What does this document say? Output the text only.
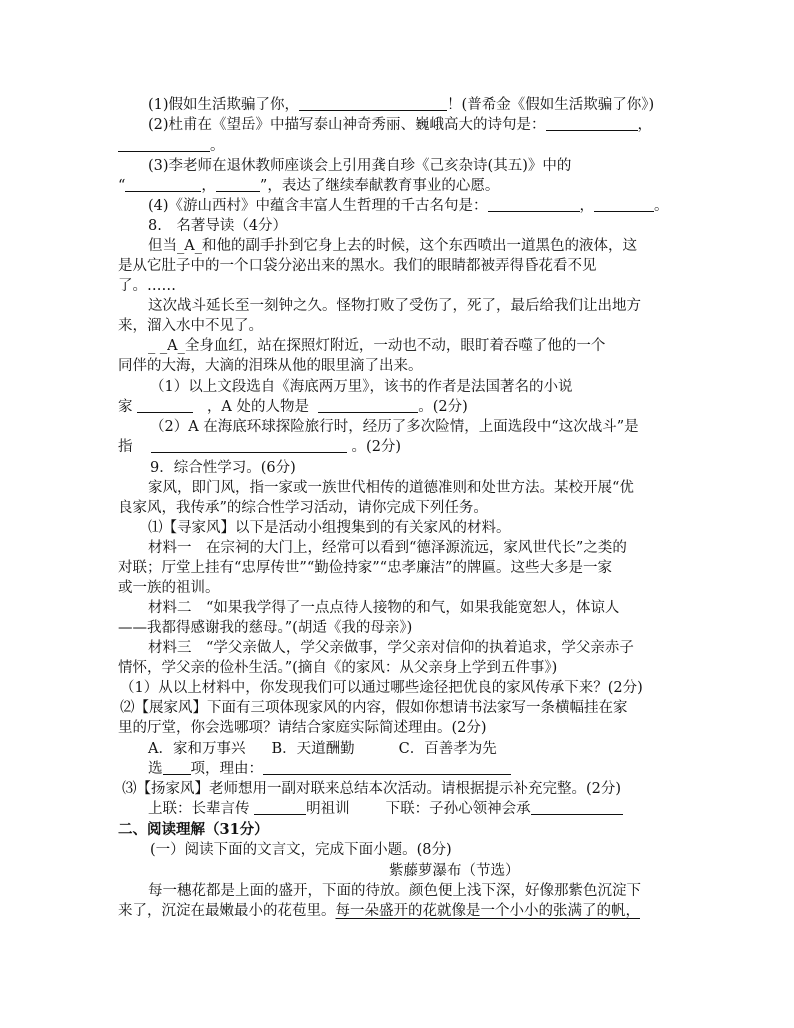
(1)假如生活欺骗了你，	！(普希金《假如生活欺骗了你》)
(2)杜甫在《望岳》中描写泰山神奇秀丽、巍峨高大的诗句是：	，
。
(3)李老师在退休教师座谈会上引用龚自珍《己亥杂诗(其五)》中的
“	，	”，表达了继续奉献教育事业的心愿。
(4)《游山西村》中蕴含丰富人生哲理的千古名句是：	，	。
8.　名著导读（4分）
但当_A_和他的副手扑到它身上去的时候，这个东西喷出一道黑色的液体，这
是从它肚子中的一个口袋分泌出来的黑水。我们的眼睛都被弄得昏花看不见
了。……
这次战斗延长至一刻钟之久。怪物打败了受伤了，死了，最后给我们让出地方
来，溜入水中不见了。
_ _A_全身血红，站在探照灯附近，一动也不动，眼盯着吞噬了他的一个
同伴的大海，大滴的泪珠从他的眼里滴了出来。
（1）以上文段选自《海底两万里》，该书的作者是法国著名的小说
家	，A 处的人物是	。(2分)
（2）A 在海底环球探险旅行时，经历了多次险情，上面选段中“这次战斗”是
指	。(2分)
9．综合性学习。(6分)
家风，即门风，指一家或一族世代相传的道德准则和处世方法。某校开展“优
良家风，我传承”的综合性学习活动，请你完成下列任务。
⑴【寻家风】以下是活动小组搜集到的有关家风的材料。
材料一　在宗祠的大门上，经常可以看到“德泽源流远，家风世代长”之类的
对联；厅堂上挂有“忠厚传世”“勤俭持家”“忠孝廉洁”的牌匾。这些大多是一家
或一族的祖训。
材料二　“如果我学得了一点点待人接物的和气，如果我能宽恕人，体谅人
——我都得感谢我的慈母。”(胡适《我的母亲》)
材料三　“学父亲做人，学父亲做事，学父亲对信仰的执着追求，学父亲赤子
情怀，学父亲的俭朴生活。”(摘自《的家风：从父亲身上学到五件事》)
（1）从以上材料中，你发现我们可以通过哪些途径把优良的家风传承下来？(2分)
⑵【展家风】下面有三项体现家风的内容，假如你想请书法家写一条横幅挂在家
里的厅堂，你会选哪项？请结合家庭实际简述理由。(2分)
A．家和万事兴 B．天道酬勤	C．百善孝为先
选 项，理由：
⑶【扬家风】老师想用一副对联来总结本次活动。请根据提示补充完整。(2分)
上联：长辈言传	明祖训 下联：子孙心领神会承
二、阅读理解（31分）
(一）阅读下面的文言文，完成下面小题。(8分)
紫藤萝瀑布（节选）
每一穗花都是上面的盛开，下面的待放。颜色便上浅下深，好像那紫色沉淀下
来了，沉淀在最嫩最小的花苞里。每一朵盛开的花就像是一个小小的张满了的帆，
